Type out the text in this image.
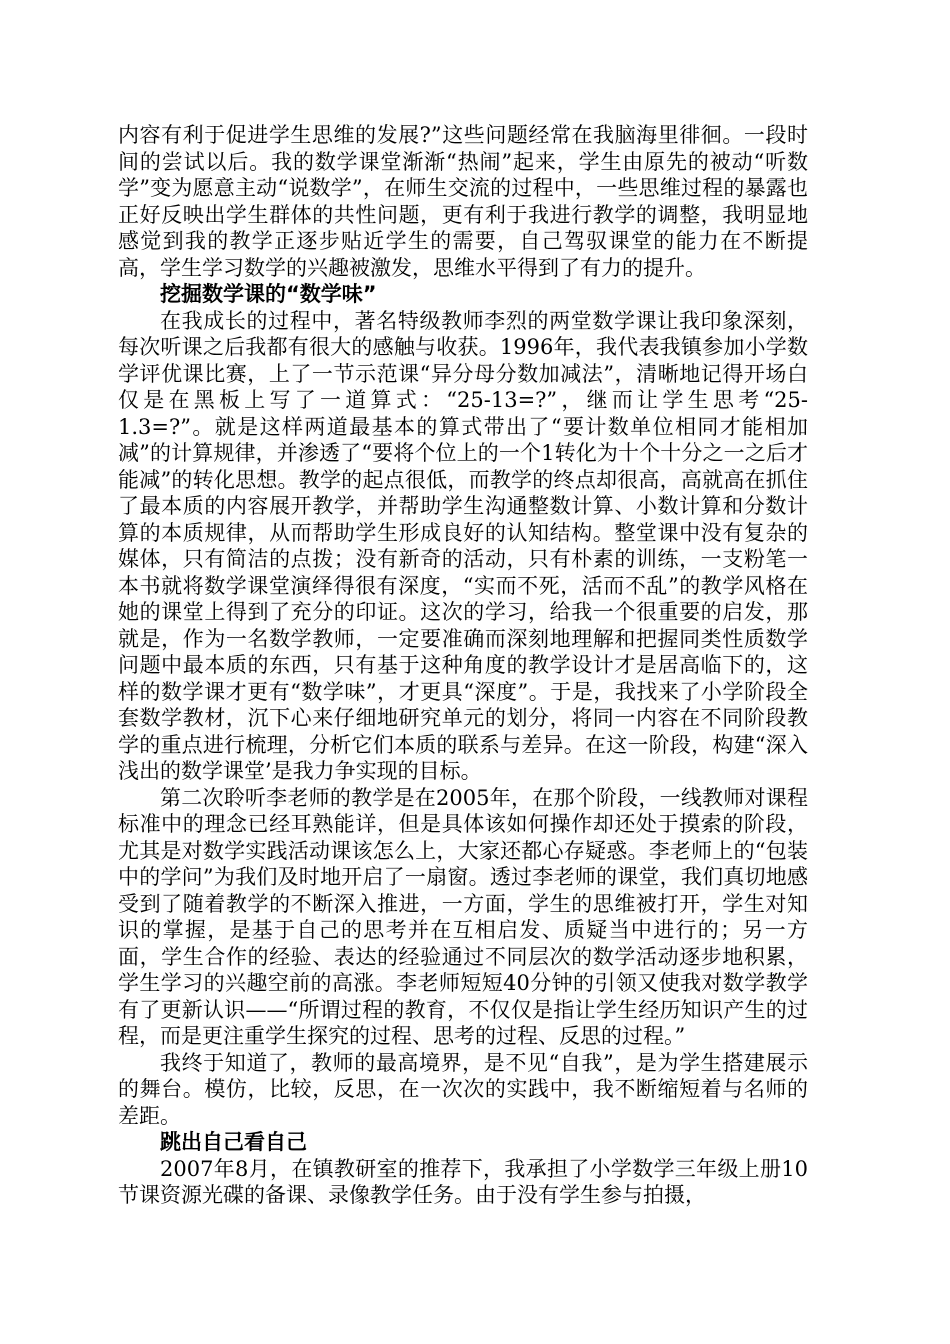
内容有利于促进学生思维的发展?”这些问题经常在我脑海里徘徊。一段时间的尝试以后。我的数学课堂渐渐“热闹”起来，学生由原先的被动“听数学”变为愿意主动“说数学”，在师生交流的过程中，一些思维过程的暴露也正好反映出学生群体的共性问题，更有利于我进行教学的调整，我明显地感觉到我的教学正逐步贴近学生的需要，自己驾驭课堂的能力在不断提高，学生学习数学的兴趣被激发，思维水平得到了有力的提升。

挖掘数学课的“数学味”

在我成长的过程中，著名特级教师李烈的两堂数学课让我印象深刻，每次听课之后我都有很大的感触与收获。1996年，我代表我镇参加小学数学评优课比赛，上了一节示范课“异分母分数加减法”，清晰地记得开场白仅是在黑板上写了一道算式：“25-13=?”，继而让学生思考“25-1.3=?”。就是这样两道最基本的算式带出了“要计数单位相同才能相加减”的计算规律，并渗透了“要将个位上的一个1转化为十个十分之一之后才能减”的转化思想。教学的起点很低，而教学的终点却很高，高就高在抓住了最本质的内容展开教学，并帮助学生沟通整数计算、小数计算和分数计算的本质规律，从而帮助学生形成良好的认知结构。整堂课中没有复杂的媒体，只有简洁的点拨；没有新奇的活动，只有朴素的训练，一支粉笔一本书就将数学课堂演绎得很有深度，“实而不死，活而不乱”的教学风格在她的课堂上得到了充分的印证。这次的学习，给我一个很重要的启发，那就是，作为一名数学教师，一定要准确而深刻地理解和把握同类性质数学问题中最本质的东西，只有基于这种角度的教学设计才是居高临下的，这样的数学课才更有“数学味”，才更具“深度”。于是，我找来了小学阶段全套数学教材，沉下心来仔细地研究单元的划分，将同一内容在不同阶段教学的重点进行梳理，分析它们本质的联系与差异。在这一阶段，构建“深入浅出的数学课堂’是我力争实现的目标。

第二次聆听李老师的教学是在2005年，在那个阶段，一线教师对课程标准中的理念已经耳熟能详，但是具体该如何操作却还处于摸索的阶段，尤其是对数学实践活动课该怎么上，大家还都心存疑惑。李老师上的“包装中的学问”为我们及时地开启了一扇窗。透过李老师的课堂，我们真切地感受到了随着教学的不断深入推进，一方面，学生的思维被打开，学生对知识的掌握，是基于自己的思考并在互相启发、质疑当中进行的；另一方面，学生合作的经验、表达的经验通过不同层次的数学活动逐步地积累，学生学习的兴趣空前的高涨。李老师短短40分钟的引领又使我对数学教学有了更新认识——“所谓过程的教育，不仅仅是指让学生经历知识产生的过程，而是更注重学生探究的过程、思考的过程、反思的过程。”

我终于知道了，教师的最高境界，是不见“自我”，是为学生搭建展示的舞台。模仿，比较，反思，在一次次的实践中，我不断缩短着与名师的差距。

跳出自己看自己

2007年8月，在镇教研室的推荐下，我承担了小学数学三年级上册10节课资源光碟的备课、录像教学任务。由于没有学生参与拍摄，
